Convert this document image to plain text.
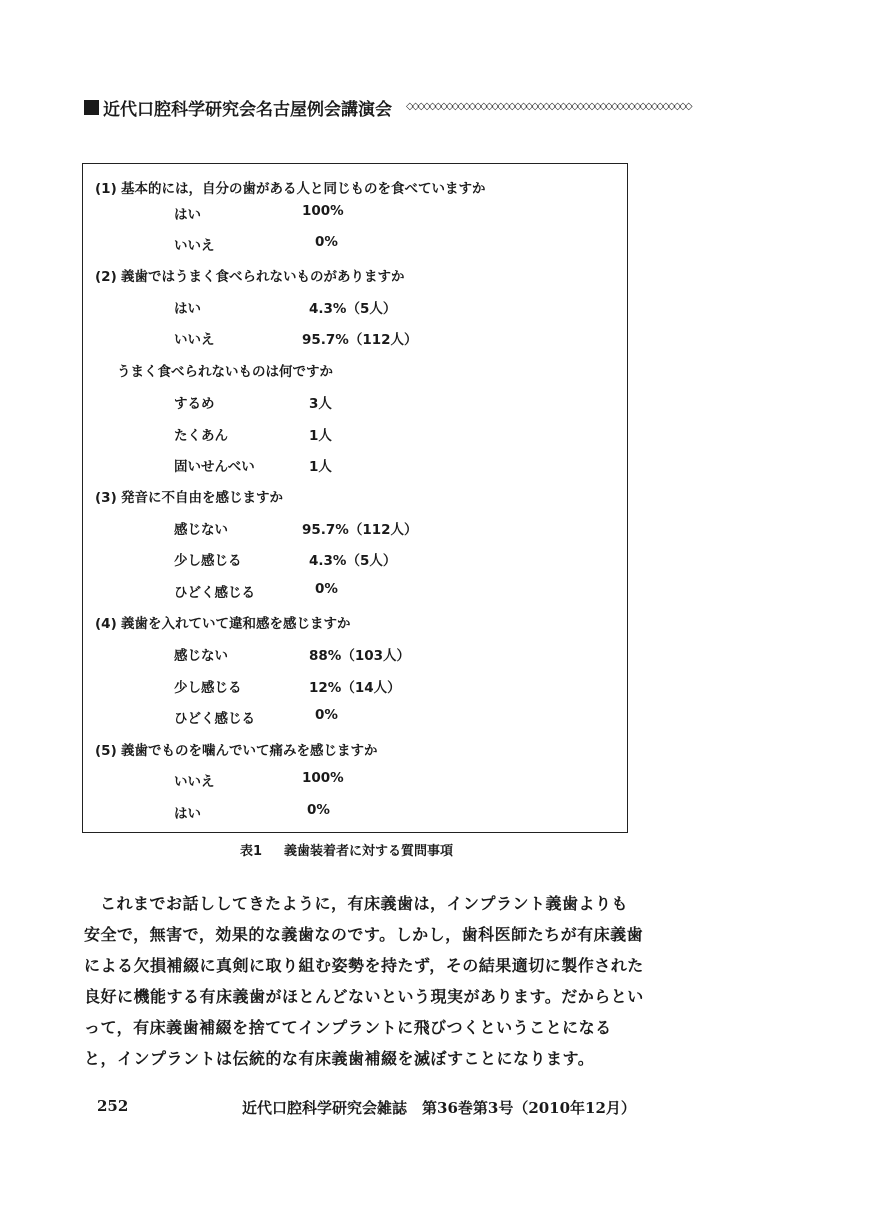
近代口腔科学研究会名古屋例会講演会 ◇◇◇◇◇◇◇◇◇◇◇◇◇◇◇◇◇◇◇◇◇◇◇◇◇◇◇◇◇◇◇◇◇◇◇◇◇◇◇◇◇◇◇◇◇◇◇◇◇◇
(1) 基本的には，自分の歯がある人と同じものを食べていますか
はい	100%
いいえ	0%
(2) 義歯ではうまく食べられないものがありますか
はい	4.3%（5人）
いいえ	95.7%（112人）
うまく食べられないものは何ですか
するめ	3人
たくあん	1人
固いせんべい	1人
(3) 発音に不自由を感じますか
感じない	95.7%（112人）
少し感じる	4.3%（5人）
ひどく感じる	0%
(4) 義歯を入れていて違和感を感じますか
感じない	88%（103人）
少し感じる	12%（14人）
ひどく感じる	0%
(5) 義歯でものを噛んでいて痛みを感じますか
いいえ	100%
はい	0%
表1 義歯装着者に対する質問事項

これまでお話ししてきたように，有床義歯は，インプラント義歯よりも安全で，無害で，効果的な義歯なのです。しかし，歯科医師たちが有床義歯による欠損補綴に真剣に取り組む姿勢を持たず，その結果適切に製作された良好に機能する有床義歯がほとんどないという現実があります。だからといって，有床義歯補綴を捨ててインプラントに飛びつくということになると，インプラントは伝統的な有床義歯補綴を滅ぼすことになります。

252	近代口腔科学研究会雑誌　第36巻第3号（2010年12月）
